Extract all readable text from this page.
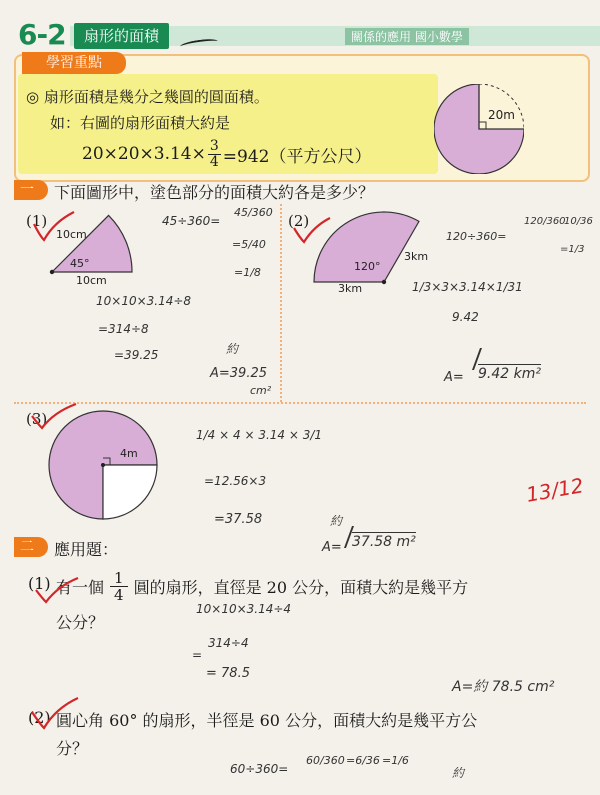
6-2	扇形的面積	關係的應用 國小數學
學習重點
◎ 扇形面積是幾分之幾圓的圓面積。
如：右圖的扇形面積大約是
$20\times 20\times 3.14\times \frac{3}{4} =942$（平方公尺）
20m
一 下面圖形中，塗色部分的面積大約各是多少？
(1)
10cm
45°
10cm
45÷360=
45/360
=5/40
=1/8
10×10×3.14÷8
=314÷8
=39.25	約
A=39.25
cm²
(2)
120°
3km
3km
120÷360=
120/360
10/36
=1/3
1/3×3×3.14×1/31
9.42
A= 9.42 km²
(3)
4m
1/4 × 4 × 3.14 × 3/1
=12.56×3
=37.58	約
A= 37.58 m²
13/12
二 應用題：
(1) 有一個 $\frac{1}{4}$ 圓的扇形，直徑是 20 公分，面積大約是幾平方
公分？
10×10×3.14÷4
=
314÷4
= 78.5
A=約 78.5 cm²
(2) 圓心角 60° 的扇形，半徑是 60 公分，面積大約是幾平方公
分？
60÷360=
60/360 =6/36 =1/6
約
